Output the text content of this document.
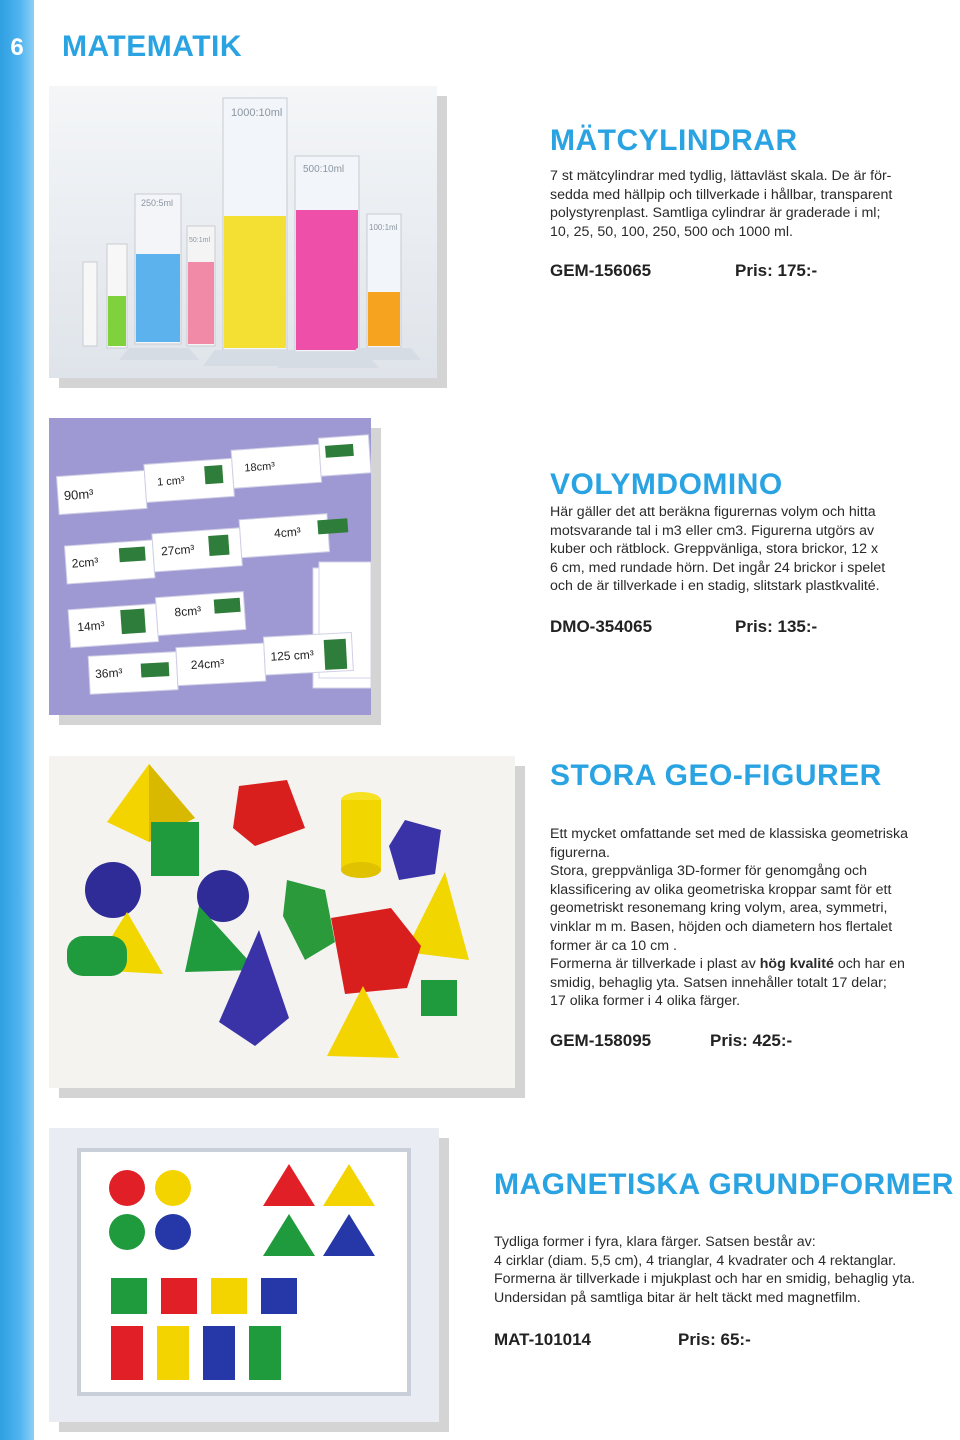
6	MATEMATIK
1000:10ml
500:10ml
250:5ml
100:1ml
50:1ml
MÄTCYLINDRAR
7 st mätcylindrar med tydlig, lättavläst skala. De är för-
sedda med hällpip och tillverkade i hållbar, transparent
polystyrenplast. Samtliga cylindrar är graderade i ml;
10, 25, 50, 100, 250, 500 och 1000 ml.
GEM-156065	Pris: 175:-
90m³
1 cm³
18cm³
2cm³
27cm³
4cm³
14m³
8cm³
36m³
24cm³
125 cm³
VOLYMDOMINO
Här gäller det att beräkna figurernas volym och hitta
motsvarande tal i m3 eller cm3. Figurerna utgörs av
kuber och rätblock. Greppvänliga, stora brickor, 12 x
6 cm, med rundade hörn. Det ingår 24 brickor i spelet
och de är tillverkade i en stadig, slitstark plastkvalité.
DMO-354065	Pris: 135:-
STORA GEO-FIGURER
Ett mycket omfattande set med de klassiska geometriska
figurerna.
Stora, greppvänliga 3D-former för genomgång och
klassificering av olika geometriska kroppar samt för ett
geometriskt resonemang kring volym, area, symmetri,
vinklar m m. Basen, höjden och diametern hos flertalet
former är ca 10 cm .
Formerna är tillverkade i plast av hög kvalité och har en
smidig, behaglig yta. Satsen innehåller totalt 17 delar;
17 olika former i 4 olika färger.
GEM-158095	Pris: 425:-
MAGNETISKA GRUNDFORMER
Tydliga former i fyra, klara färger. Satsen består av:
4 cirklar (diam. 5,5 cm), 4 trianglar, 4 kvadrater och 4 rektanglar.
Formerna är tillverkade i mjukplast och har en smidig, behaglig yta.
Undersidan på samtliga bitar är helt täckt med magnetfilm.
MAT-101014	Pris: 65:-
